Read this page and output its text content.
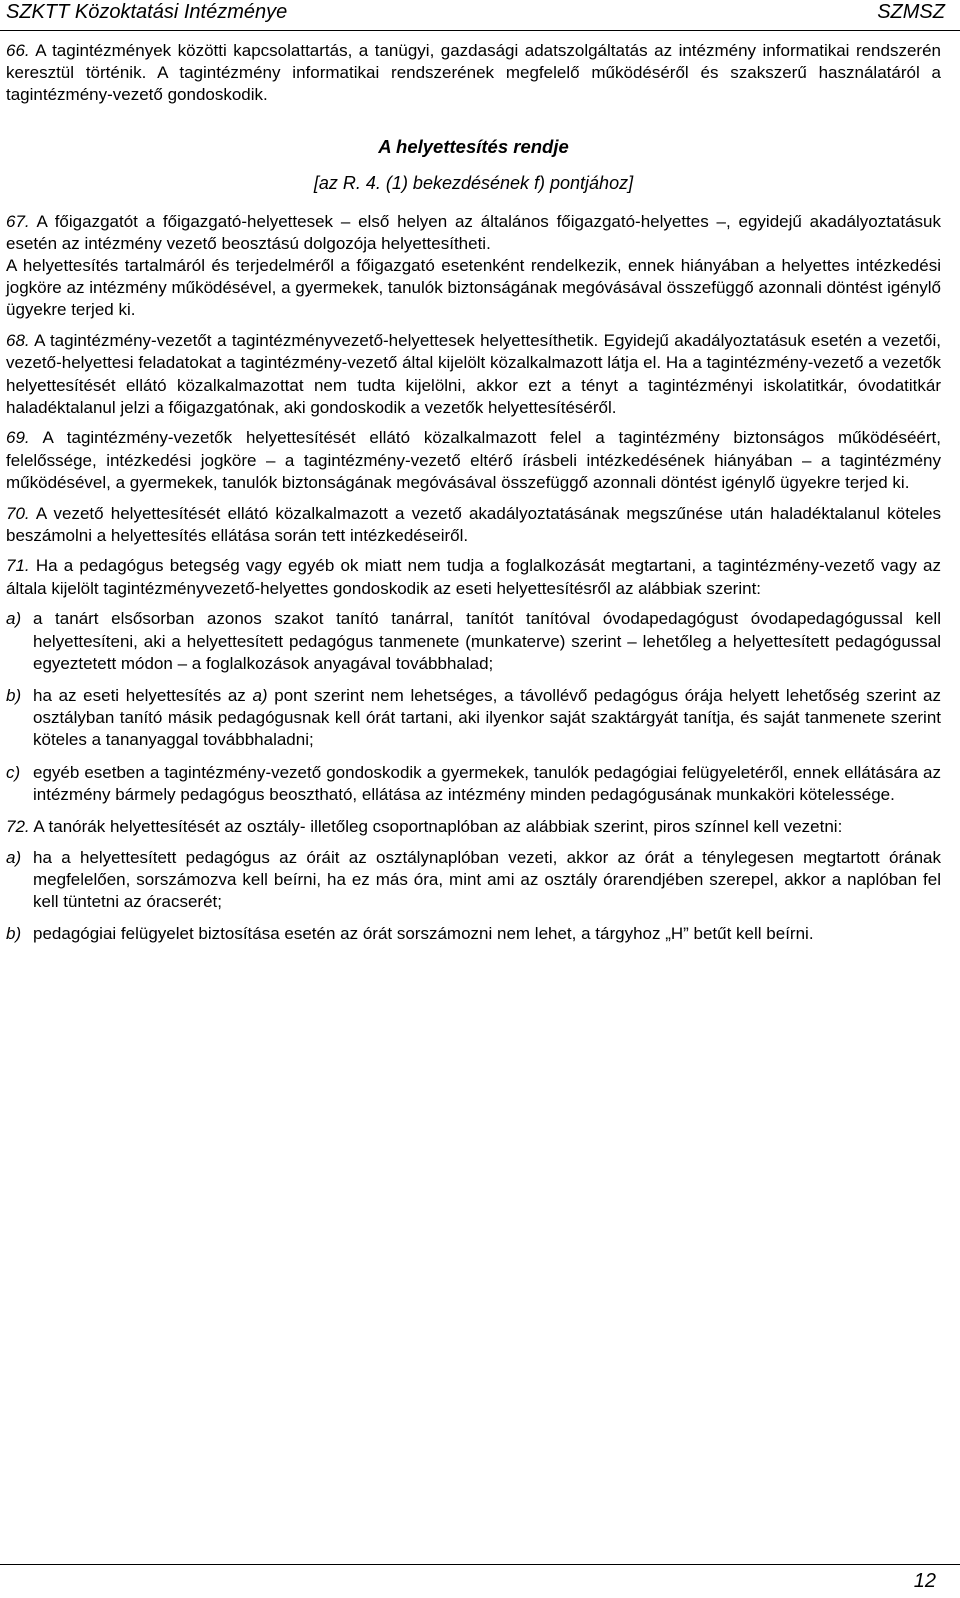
SZKTT Közoktatási Intézménye	SZMSZ

66. A tagintézmények közötti kapcsolattartás, a tanügyi, gazdasági adatszolgáltatás az intézmény informatikai rendszerén keresztül történik. A tagintézmény informatikai rendszerének megfelelő működéséről és szakszerű használatáról a tagintézmény-vezető gondoskodik.

A helyettesítés rendje
[az R. 4. (1) bekezdésének f) pontjához]

67. A főigazgatót a főigazgató-helyettesek – első helyen az általános főigazgató-helyettes –, egyidejű akadályoztatásuk esetén az intézmény vezető beosztású dolgozója helyettesítheti.

A helyettesítés tartalmáról és terjedelméről a főigazgató esetenként rendelkezik, ennek hiányában a helyettes intézkedési jogköre az intézmény működésével, a gyermekek, tanulók biztonságának megóvásával összefüggő azonnali döntést igénylő ügyekre terjed ki.

68. A tagintézmény-vezetőt a tagintézményvezető-helyettesek helyettesíthetik. Egyidejű akadályoztatásuk esetén a vezetői, vezető-helyettesi feladatokat a tagintézmény-vezető által kijelölt közalkalmazott látja el. Ha a tagintézmény-vezető a vezetők helyettesítését ellátó közalkalmazottat nem tudta kijelölni, akkor ezt a tényt a tagintézményi iskolatitkár, óvodatitkár haladéktalanul jelzi a főigazgatónak, aki gondoskodik a vezetők helyettesítéséről.

69. A tagintézmény-vezetők helyettesítését ellátó közalkalmazott felel a tagintézmény biztonságos működéséért, felelőssége, intézkedési jogköre – a tagintézmény-vezető eltérő írásbeli intézkedésének hiányában – a tagintézmény működésével, a gyermekek, tanulók biztonságának megóvásával összefüggő azonnali döntést igénylő ügyekre terjed ki.

70. A vezető helyettesítését ellátó közalkalmazott a vezető akadályoztatásának megszűnése után haladéktalanul köteles beszámolni a helyettesítés ellátása során tett intézkedéseiről.

71. Ha a pedagógus betegség vagy egyéb ok miatt nem tudja a foglalkozását megtartani, a tagintézmény-vezető vagy az általa kijelölt tagintézményvezető-helyettes gondoskodik az eseti helyettesítésről az alábbiak szerint:

a) a tanárt elsősorban azonos szakot tanító tanárral, tanítót tanítóval óvodapedagógust óvodapedagógussal kell helyettesíteni, aki a helyettesített pedagógus tanmenete (munkaterve) szerint – lehetőleg a helyettesített pedagógussal egyeztetett módon – a foglalkozások anyagával továbbhalad;
b) ha az eseti helyettesítés az a) pont szerint nem lehetséges, a távollévő pedagógus órája helyett lehetőség szerint az osztályban tanító másik pedagógusnak kell órát tartani, aki ilyenkor saját szaktárgyát tanítja, és saját tanmenete szerint köteles a tananyaggal továbbhaladni;
c) egyéb esetben a tagintézmény-vezető gondoskodik a gyermekek, tanulók pedagógiai felügyeletéről, ennek ellátására az intézmény bármely pedagógus beosztható, ellátása az intézmény minden pedagógusának munkaköri kötelessége.

72. A tanórák helyettesítését az osztály- illetőleg csoportnaplóban az alábbiak szerint, piros színnel kell vezetni:

a) ha a helyettesített pedagógus az óráit az osztálynaplóban vezeti, akkor az órát a ténylegesen megtartott órának megfelelően, sorszámozva kell beírni, ha ez más óra, mint ami az osztály órarendjében szerepel, akkor a naplóban fel kell tüntetni az óracserét;
b) pedagógiai felügyelet biztosítása esetén az órát sorszámozni nem lehet, a tárgyhoz „H” betűt kell beírni.
12
